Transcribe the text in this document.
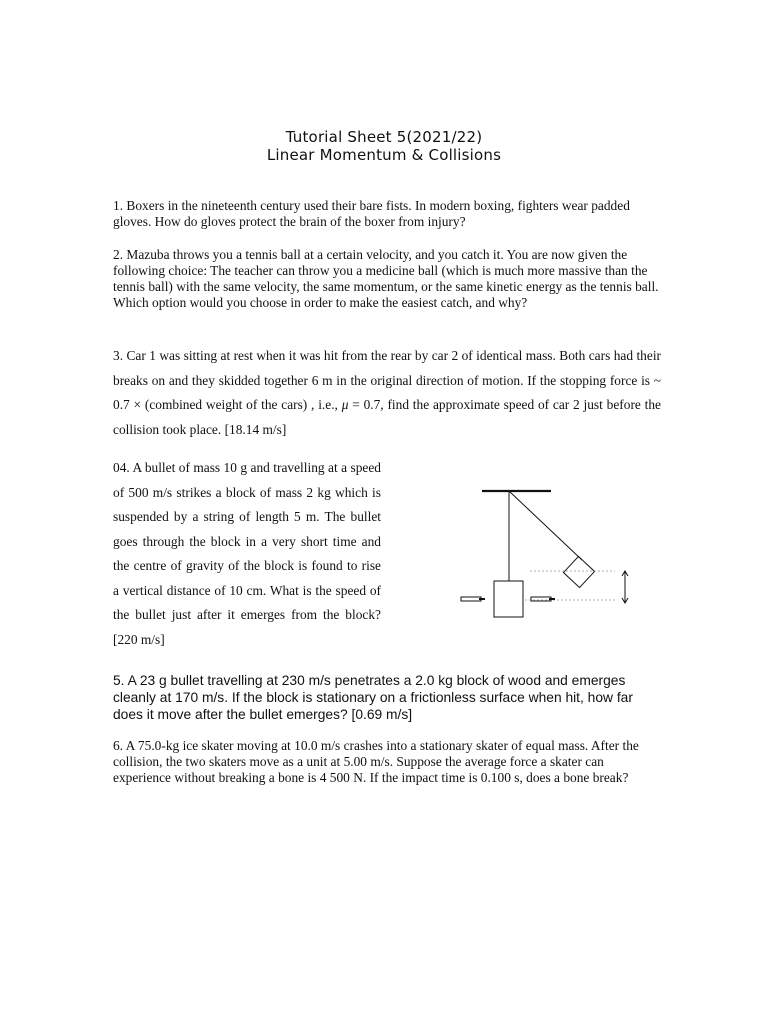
Tutorial Sheet 5(2021/22)
Linear Momentum & Collisions
1. Boxers in the nineteenth century used their bare fists. In modern boxing, fighters wear padded gloves. How do gloves protect the brain of the boxer from injury?
2. Mazuba throws you a tennis ball at a certain velocity, and you catch it. You are now given the following choice: The teacher can throw you a medicine ball (which is much more massive than the tennis ball) with the same velocity, the same momentum, or the same kinetic energy as the tennis ball. Which option would you choose in order to make the easiest catch, and why?
3. Car 1 was sitting at rest when it was hit from the rear by car 2 of identical mass. Both cars had their breaks on and they skidded together 6 m in the original direction of motion. If the stopping force is ~ 0.7 × (combined weight of the cars) , i.e., μ = 0.7, find the approximate speed of car 2 just before the collision took place. [18.14 m/s]
04. A bullet of mass 10 g and travelling at a speed of 500 m/s strikes a block of mass 2 kg which is suspended by a string of length 5 m. The bullet goes through the block in a very short time and the centre of gravity of the block is found to rise a vertical distance of 10 cm. What is the speed of the bullet just after it emerges from the block? [220 m/s]
5. A 23 g bullet travelling at 230 m/s penetrates a 2.0 kg block of wood and emerges cleanly at 170 m/s. If the block is stationary on a frictionless surface when hit, how far does it move after the bullet emerges? [0.69 m/s]
6. A 75.0-kg ice skater moving at 10.0 m/s crashes into a stationary skater of equal mass. After the collision, the two skaters move as a unit at 5.00 m/s. Suppose the average force a skater can experience without breaking a bone is 4 500 N. If the impact time is 0.100 s, does a bone break?
